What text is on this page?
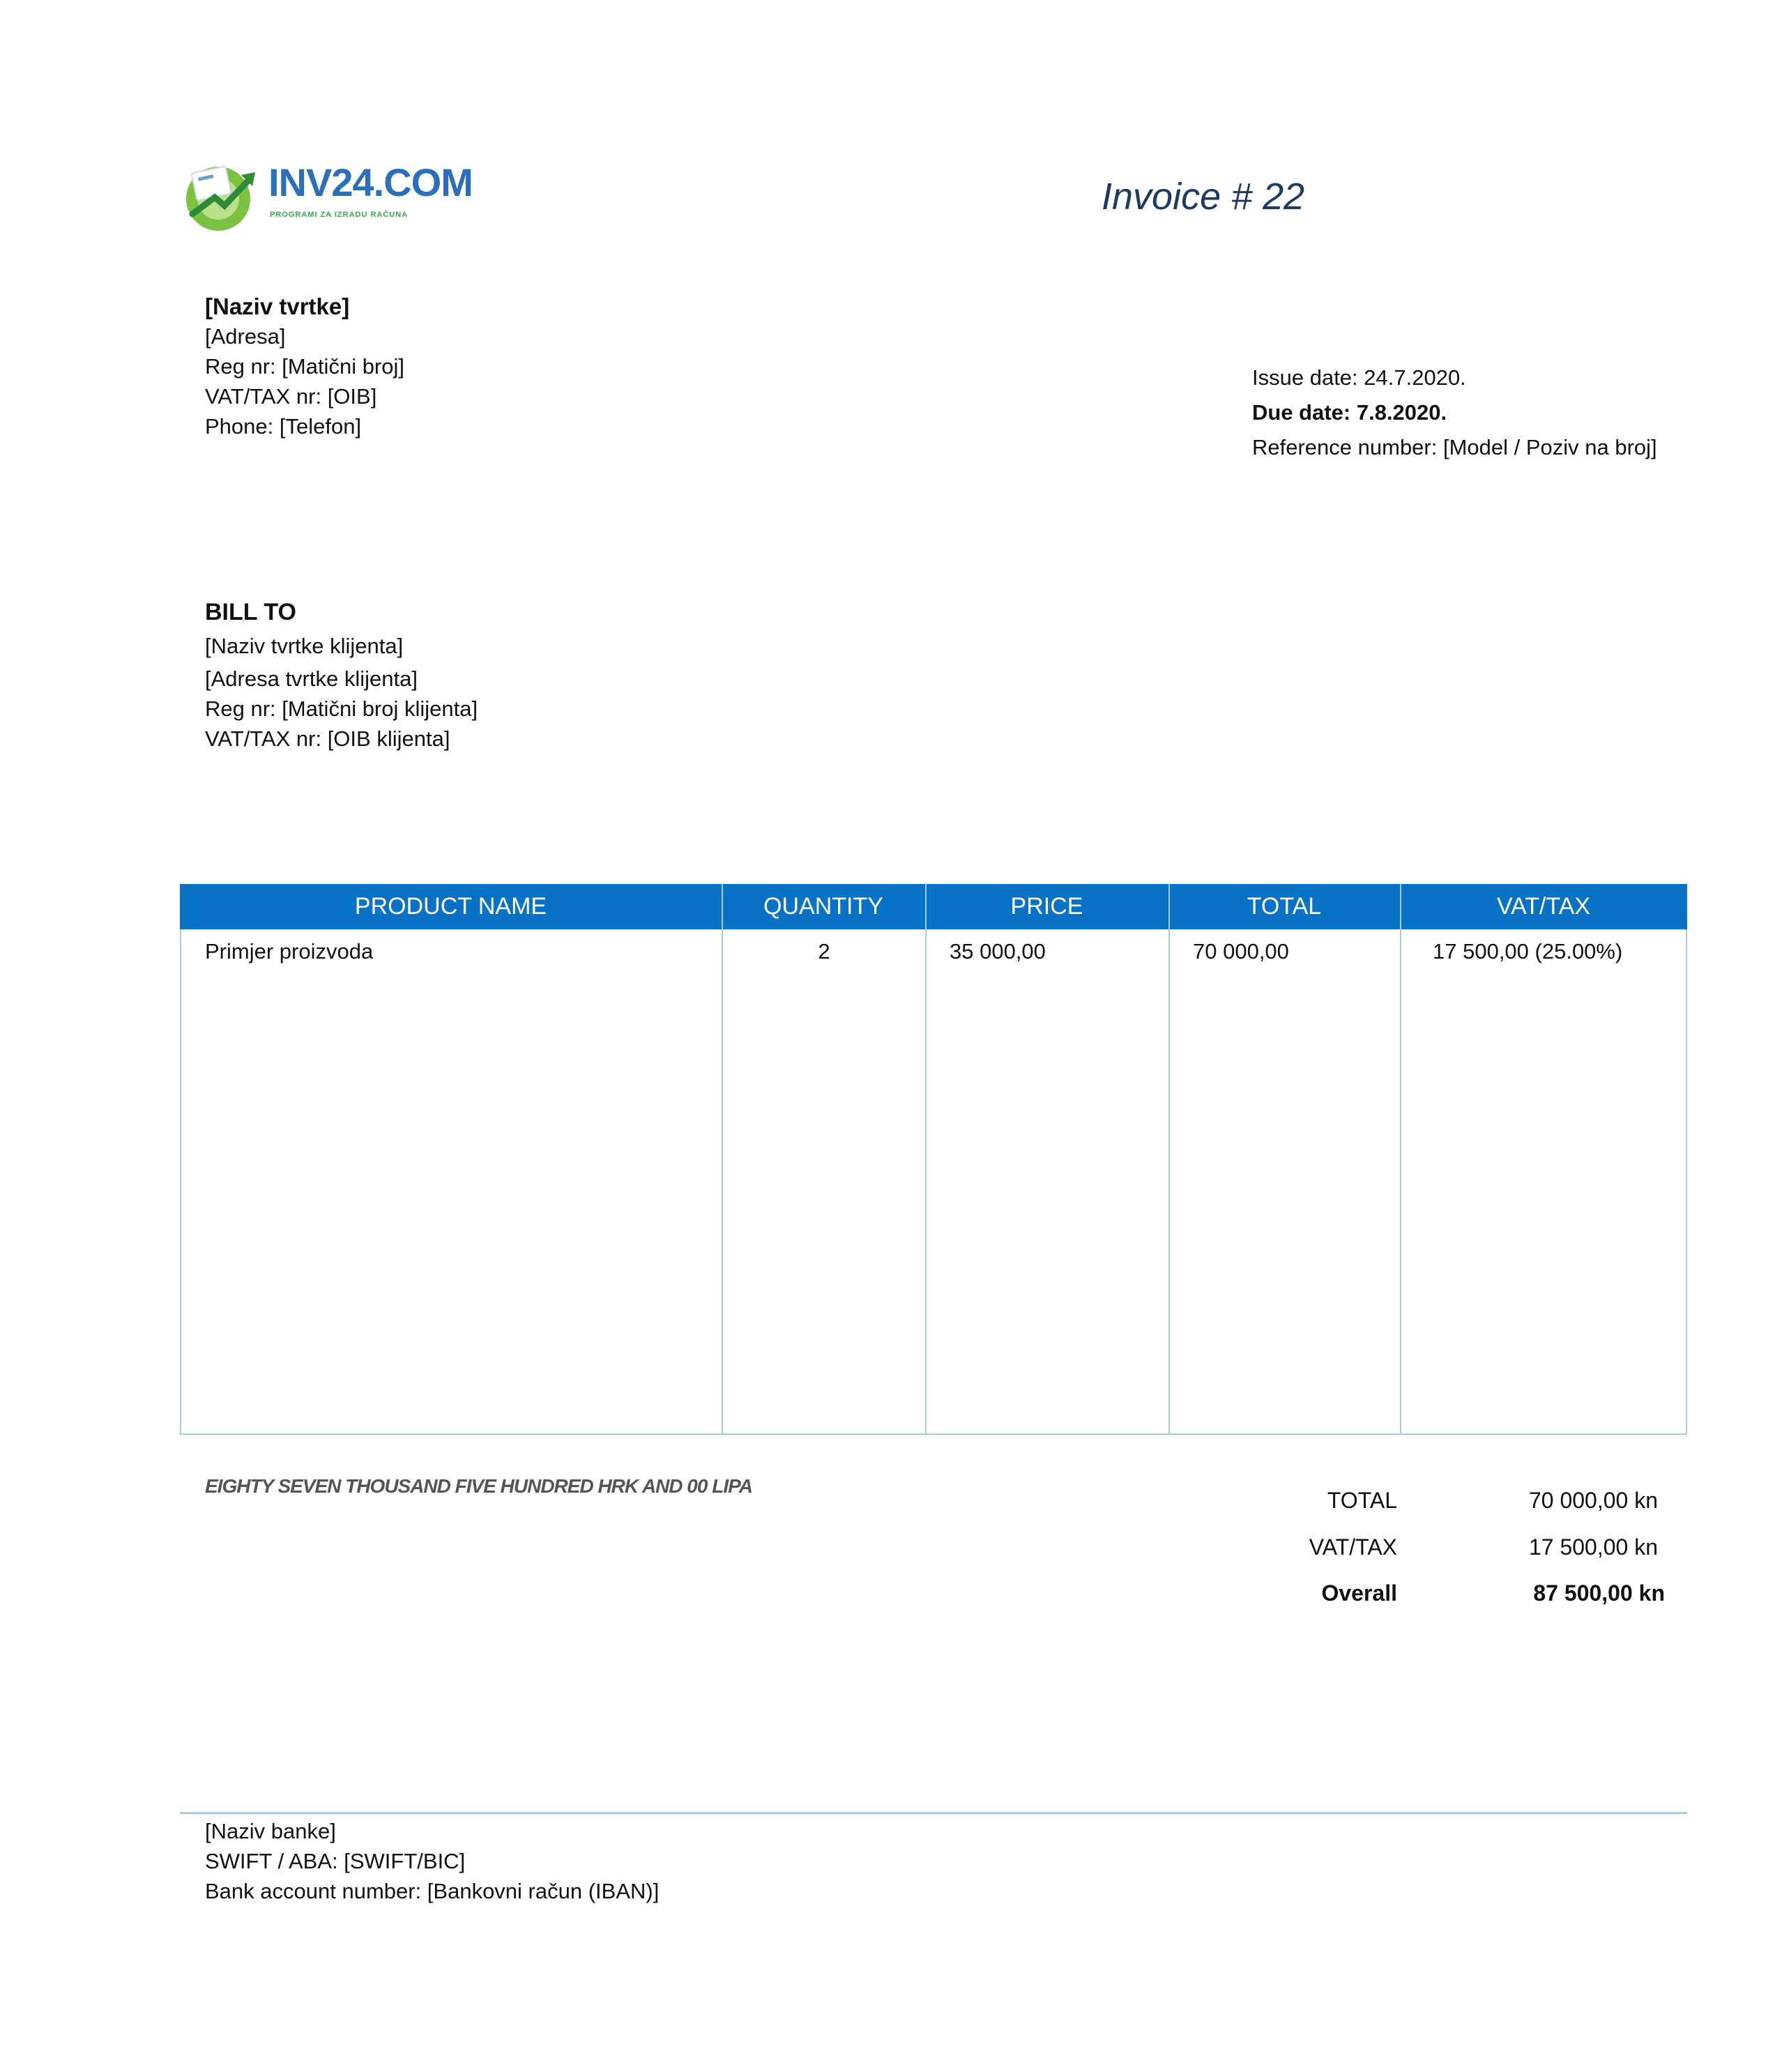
INV24.COM
PROGRAMI ZA IZRADU RAČUNA	Invoice # 22
[Naziv tvrtke]
[Adresa]
Reg nr: [Matični broj]
VAT/TAX nr: [OIB]
Phone: [Telefon]
Issue date: 24.7.2020.
Due date: 7.8.2020.
Reference number: [Model / Poziv na broj]
BILL TO
[Naziv tvrtke klijenta]
[Adresa tvrtke klijenta]
Reg nr: [Matični broj klijenta]
VAT/TAX nr: [OIB klijenta]
PRODUCT NAME	QUANTITY	PRICE	TOTAL	VAT/TAX
Primjer proizvoda	2	35 000,00	70 000,00	17 500,00 (25.00%)
EIGHTY SEVEN THOUSAND FIVE HUNDRED HRK AND 00 LIPA
TOTAL	70 000,00 kn
VAT/TAX	17 500,00 kn
Overall	87 500,00 kn
[Naziv banke]
SWIFT / ABA: [SWIFT/BIC]
Bank account number: [Bankovni račun (IBAN)]
